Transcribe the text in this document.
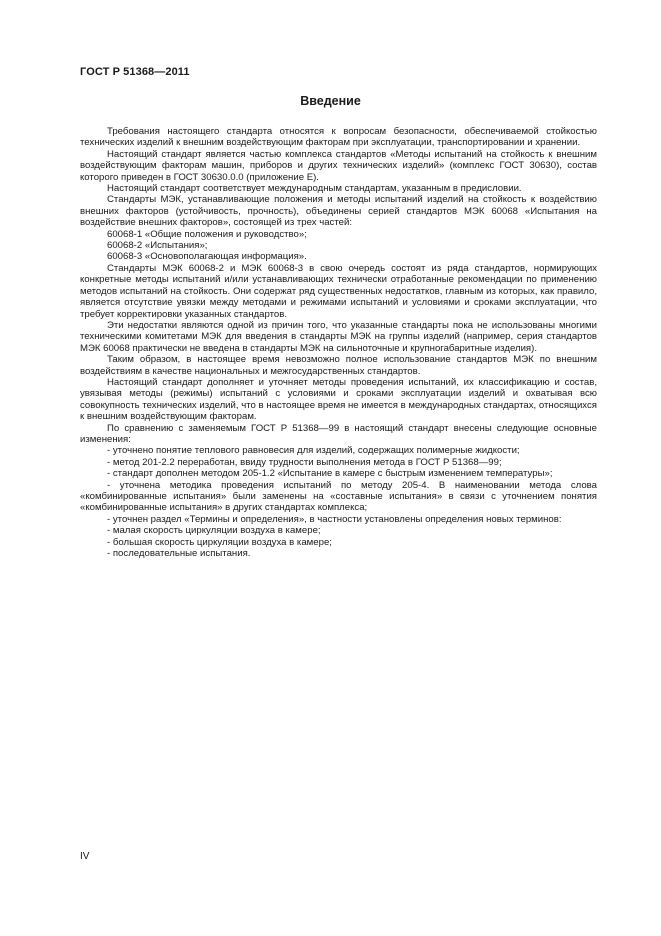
ГОСТ Р 51368—2011
Введение

Требования настоящего стандарта относятся к вопросам безопасности, обеспечиваемой стойкостью технических изделий к внешним воздействующим факторам при эксплуатации, транспортировании и хранении.

Настоящий стандарт является частью комплекса стандартов «Методы испытаний на стойкость к внешним воздействующим факторам машин, приборов и других технических изделий» (комплекс ГОСТ 30630), состав которого приведен в ГОСТ 30630.0.0 (приложение Е).

Настоящий стандарт соответствует международным стандартам, указанным в предисловии.

Стандарты МЭК, устанавливающие положения и методы испытаний изделий на стойкость к воздействию внешних факторов (устойчивость, прочность), объединены серией стандартов МЭК 60068 «Испытания на воздействие внешних факторов», состоящей из трех частей:

60068-1 «Общие положения и руководство»;

60068-2 «Испытания»;

60068-3 «Основополагающая информация».

Стандарты МЭК 60068-2 и МЭК 60068-3 в свою очередь состоят из ряда стандартов, нормирующих конкретные методы испытаний и/или устанавливающих технически отработанные рекомендации по применению методов испытаний на стойкость. Они содержат ряд существенных недостатков, главным из которых, как правило, является отсутствие увязки между методами и режимами испытаний и условиями и сроками эксплуатации, что требует корректировки указанных стандартов.

Эти недостатки являются одной из причин того, что указанные стандарты пока не использованы многими техническими комитетами МЭК для введения в стандарты МЭК на группы изделий (например, серия стандартов МЭК 60068 практически не введена в стандарты МЭК на сильноточные и крупногабаритные изделия).

Таким образом, в настоящее время невозможно полное использование стандартов МЭК по внешним воздействиям в качестве национальных и межгосударственных стандартов.

Настоящий стандарт дополняет и уточняет методы проведения испытаний, их классификацию и состав, увязывая методы (режимы) испытаний с условиями и сроками эксплуатации изделий и охватывая всю совокупность технических изделий, что в настоящее время не имеется в международных стандартах, относящихся к внешним воздействующим факторам.

По сравнению с заменяемым ГОСТ Р 51368—99 в настоящий стандарт внесены следующие основные изменения:

- уточнено понятие теплового равновесия для изделий, содержащих полимерные жидкости;

- метод 201-2.2 переработан, ввиду трудности выполнения метода в ГОСТ Р 51368—99;

- стандарт дополнен методом 205-1.2 «Испытание в камере с быстрым изменением температуры»;

- уточнена методика проведения испытаний по методу 205-4. В наименовании метода слова «комбинированные испытания» были заменены на «составные испытания» в связи с уточнением понятия «комбинированные испытания» в других стандартах комплекса;

- уточнен раздел «Термины и определения», в частности установлены определения новых терминов:

- малая скорость циркуляции воздуха в камере;

- большая скорость циркуляции воздуха в камере;

- последовательные испытания.

IV
